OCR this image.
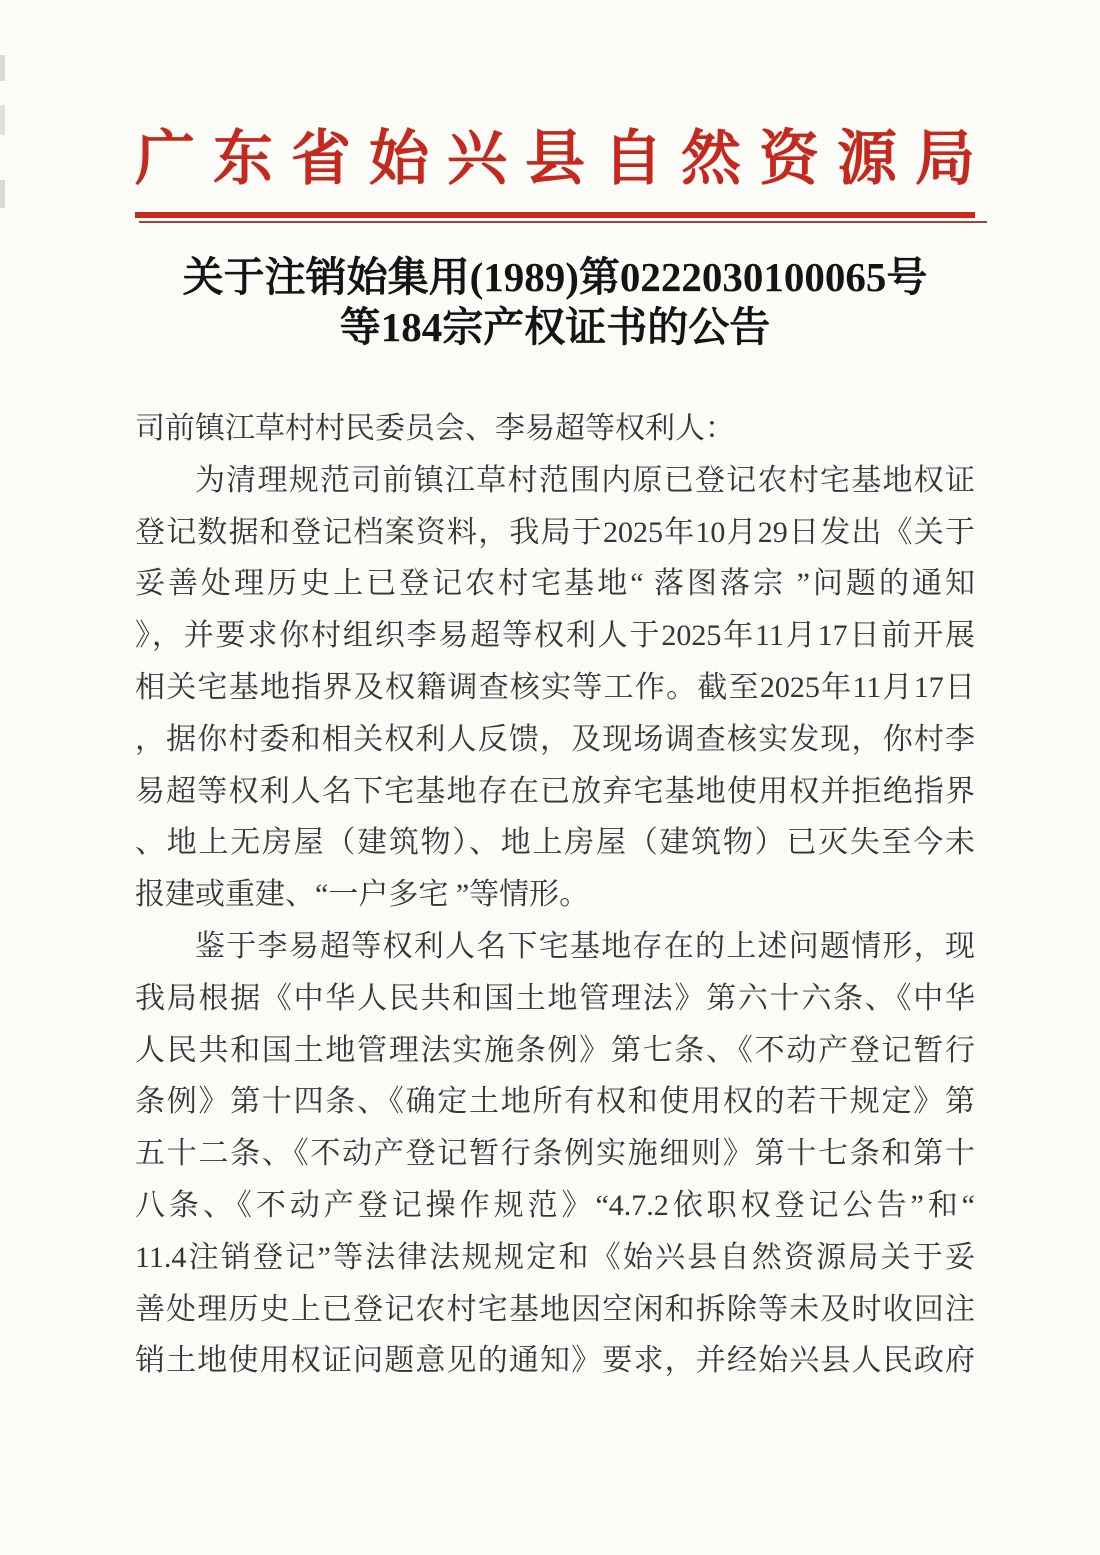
广东省始兴县自然资源局
关于注销始集用(1989)第0222030100065号
等184宗产权证书的公告
司前镇江草村村民委员会、李易超等权利人：
为清理规范司前镇江草村范围内原已登记农村宅基地权证
登记数据和登记档案资料，我局于2025年10月29日发出《关于
妥善处理历史上已登记农村宅基地“ 落图落宗 ”问题的通知
》，并要求你村组织李易超等权利人于2025年11月17日前开展
相关宅基地指界及权籍调查核实等工作。截至2025年11月17日
，据你村委和相关权利人反馈，及现场调查核实发现，你村李
易超等权利人名下宅基地存在已放弃宅基地使用权并拒绝指界
、地上无房屋（建筑物）、地上房屋（建筑物）已灭失至今未
报建或重建、“一户多宅 ”等情形。
鉴于李易超等权利人名下宅基地存在的上述问题情形，现
我局根据《中华人民共和国土地管理法》第六十六条、《中华
人民共和国土地管理法实施条例》第七条、《不动产登记暂行
条例》第十四条、《确定土地所有权和使用权的若干规定》第
五十二条、《不动产登记暂行条例实施细则》第十七条和第十
八条、《不动产登记操作规范》“4.7.2依职权登记公告”和“
11.4注销登记”等法律法规规定和《始兴县自然资源局关于妥
善处理历史上已登记农村宅基地因空闲和拆除等未及时收回注
销土地使用权证问题意见的通知》要求，并经始兴县人民政府
